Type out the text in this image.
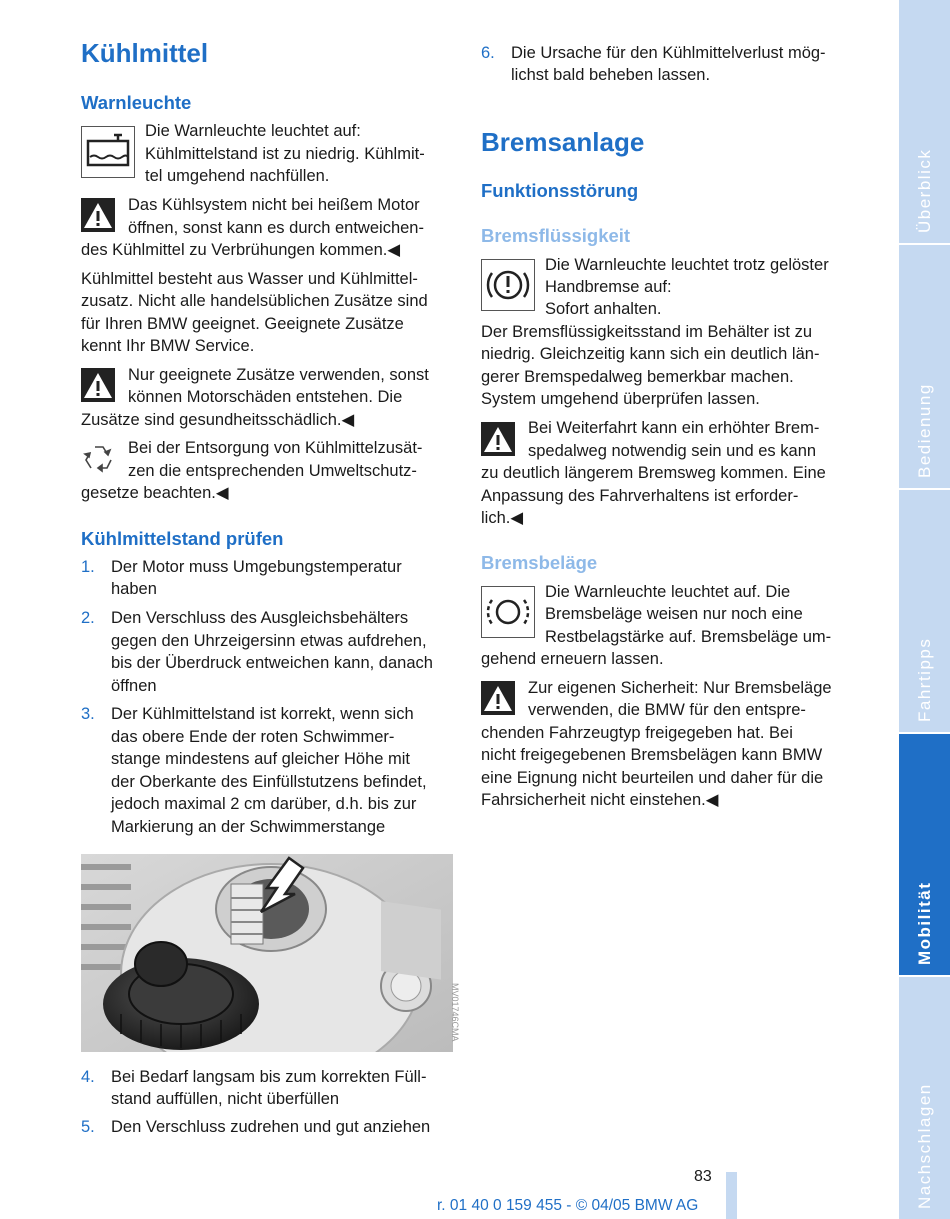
Kühlmittel
Warnleuchte
Die Warnleuchte leuchtet auf:
Kühlmittelstand ist zu niedrig. Kühlmit-
tel umgehend nachfüllen.
Das Kühlsystem nicht bei heißem Motor
öffnen, sonst kann es durch entweichen-
des Kühlmittel zu Verbrühungen kommen.◀
Kühlmittel besteht aus Wasser und Kühlmittel-
zusatz. Nicht alle handelsüblichen Zusätze sind
für Ihren BMW geeignet. Geeignete Zusätze
kennt Ihr BMW Service.
Nur geeignete Zusätze verwenden, sonst
können Motorschäden entstehen. Die
Zusätze sind gesundheitsschädlich.◀
Bei der Entsorgung von Kühlmittelzusät-
zen die entsprechenden Umweltschutz-
gesetze beachten.◀
Kühlmittelstand prüfen
1. Der Motor muss Umgebungstemperatur
haben
2. Den Verschluss des Ausgleichsbehälters
gegen den Uhrzeigersinn etwas aufdrehen,
bis der Überdruck entweichen kann, danach
öffnen
3. Der Kühlmittelstand ist korrekt, wenn sich
das obere Ende der roten Schwimmer-
stange mindestens auf gleicher Höhe mit
der Oberkante des Einfüllstutzens befindet,
jedoch maximal 2 cm darüber, d.h. bis zur
Markierung an der Schwimmerstange
4. Bei Bedarf langsam bis zum korrekten Füll-
stand auffüllen, nicht überfüllen
5. Den Verschluss zudrehen und gut anziehen
MV01746CMA
6. Die Ursache für den Kühlmittelverlust mög-
lichst bald beheben lassen.
Bremsanlage
Funktionsstörung
Bremsflüssigkeit
Die Warnleuchte leuchtet trotz gelöster
Handbremse auf:
Sofort anhalten.
Der Bremsflüssigkeitsstand im Behälter ist zu
niedrig. Gleichzeitig kann sich ein deutlich län-
gerer Bremspedalweg bemerkbar machen.
System umgehend überprüfen lassen.
Bei Weiterfahrt kann ein erhöhter Brem-
spedalweg notwendig sein und es kann
zu deutlich längerem Bremsweg kommen. Eine
Anpassung des Fahrverhaltens ist erforder-
lich.◀
Bremsbeläge
Die Warnleuchte leuchtet auf. Die
Bremsbeläge weisen nur noch eine
Restbelagstärke auf. Bremsbeläge um-
gehend erneuern lassen.
Zur eigenen Sicherheit: Nur Bremsbeläge
verwenden, die BMW für den entspre-
chenden Fahrzeugtyp freigegeben hat. Bei
nicht freigegebenen Bremsbelägen kann BMW
eine Eignung nicht beurteilen und daher für die
Fahrsicherheit nicht einstehen.◀
Überblick
Bedienung
Fahrtipps
Mobilität
Nachschlagen
83
r. 01 40 0 159 455 - © 04/05 BMW AG
